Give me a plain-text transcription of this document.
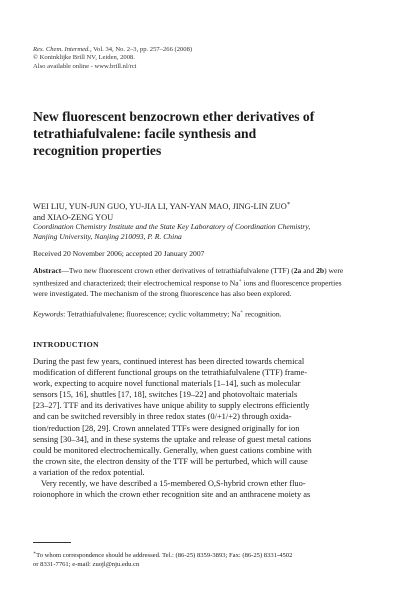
Res. Chem. Intermed., Vol. 34, No. 2–3, pp. 257–266 (2008)
© Koninklijke Brill NV, Leiden, 2008.
Also available online - www.brill.nl/rci
New fluorescent benzocrown ether derivatives of
tetrathiafulvalene: facile synthesis and
recognition properties
WEI LIU, YUN-JUN GUO, YU-JIA LI, YAN-YAN MAO, JING-LIN ZUO∗
and XIAO-ZENG YOU
Coordination Chemistry Institute and the State Key Laboratory of Coordination Chemistry,
Nanjing University, Nanjing 210093, P. R. China
Received 20 November 2006; accepted 20 January 2007
Abstract—Two new fluorescent crown ether derivatives of tetrathiafulvalene (TTF) (2a and 2b) were
synthesized and characterized; their electrochemical response to Na+ ions and fluorescence properties
were investigated. The mechanism of the strong fluorescence has also been explored.
Keywords: Tetrathiafulvalene; fluorescence; cyclic voltammetry; Na+ recognition.
INTRODUCTION
During the past few years, continued interest has been directed towards chemical
modification of different functional groups on the tetrathiafulvalene (TTF) frame-
work, expecting to acquire novel functional materials [1–14], such as molecular
sensors [15, 16], shuttles [17, 18], switches [19–22] and photovoltaic materials
[23–27]. TTF and its derivatives have unique ability to supply electrons efficiently
and can be switched reversibly in three redox states (0/+1/+2) through oxida-
tion/reduction [28, 29]. Crown annelated TTFs were designed originally for ion
sensing [30–34], and in these systems the uptake and release of guest metal cations
could be monitored electrochemically. Generally, when guest cations combine with
the crown site, the electron density of the TTF will be perturbed, which will cause
a variation of the redox potential.
Very recently, we have described a 15-membered O,S-hybrid crown ether fluo-
roionophore in which the crown ether recognition site and an anthracene moiety as
∗To whom correspondence should be addressed. Tel.: (86-25) 8359-3893; Fax: (86-25) 8331-4502
or 8331-7761; e-mail: zuojl@nju.edu.cn
